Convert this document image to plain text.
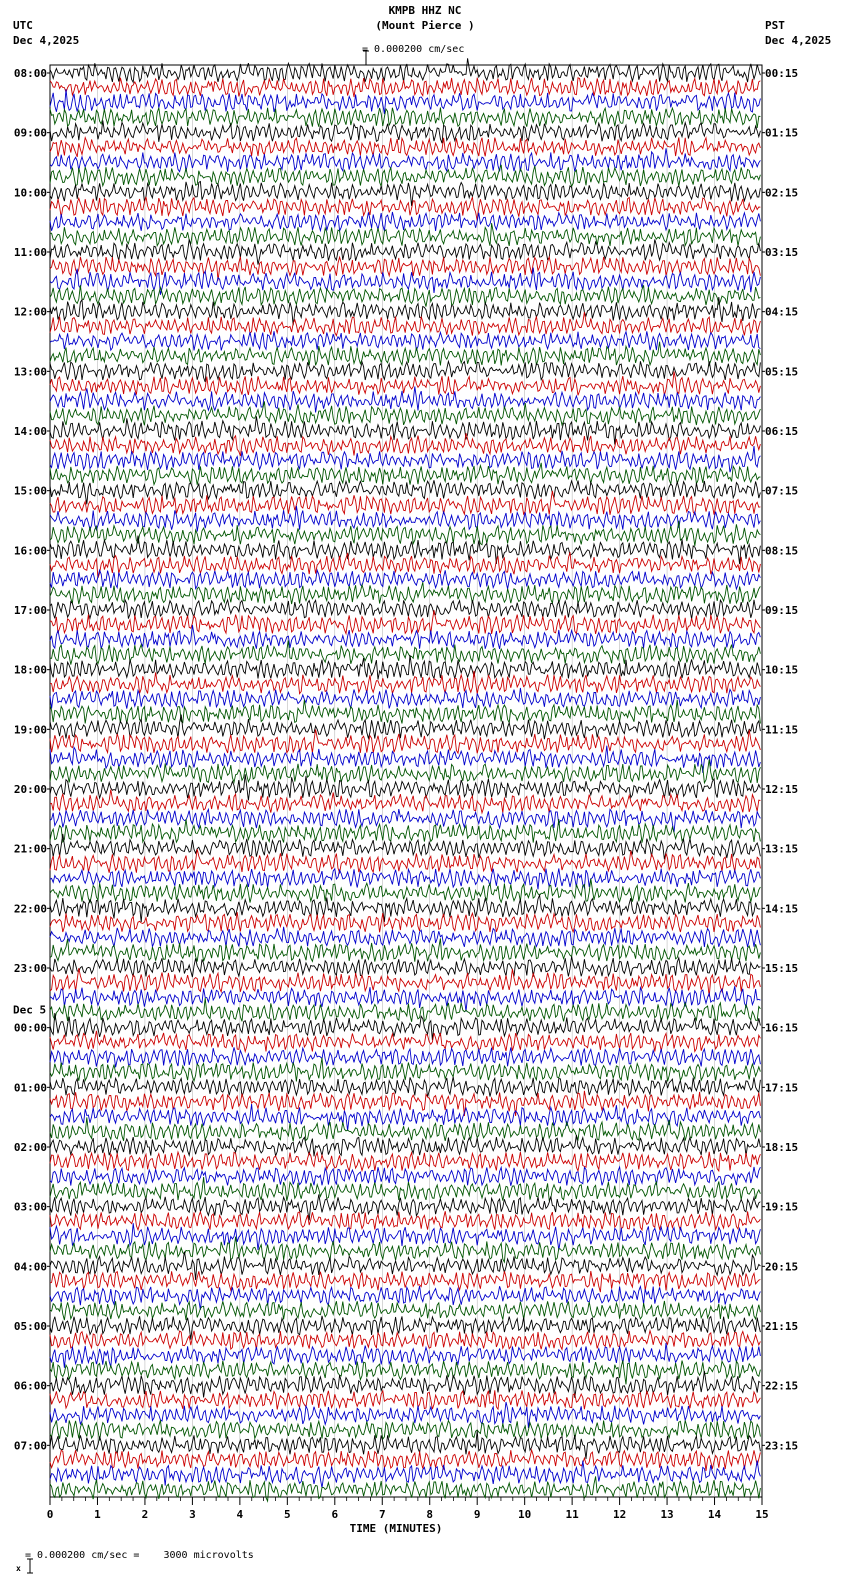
KMPB HHZ NC
(Mount Pierce )

= 0.000200 cm/sec
UTC
Dec 4,2025
PST
Dec 4,2025
08:00
09:00
10:00
11:00
12:00
13:00
14:00
15:00
16:00
17:00
18:00
19:00
20:00
21:00
22:00
23:00
00:00
01:00
02:00
03:00
04:00
05:00
06:00
07:00
00:15
01:15
02:15
03:15
04:15
05:15
06:15
07:15
08:15
09:15
10:15
11:15
12:15
13:15
14:15
15:15
16:15
17:15
18:15
19:15
20:15
21:15
22:15
23:15
Dec 5
0	1	2	3	4	5	6	7	8	9	10	11	12	13	14	15
TIME (MINUTES)

x

= 0.000200 cm/sec =    3000 microvolts
